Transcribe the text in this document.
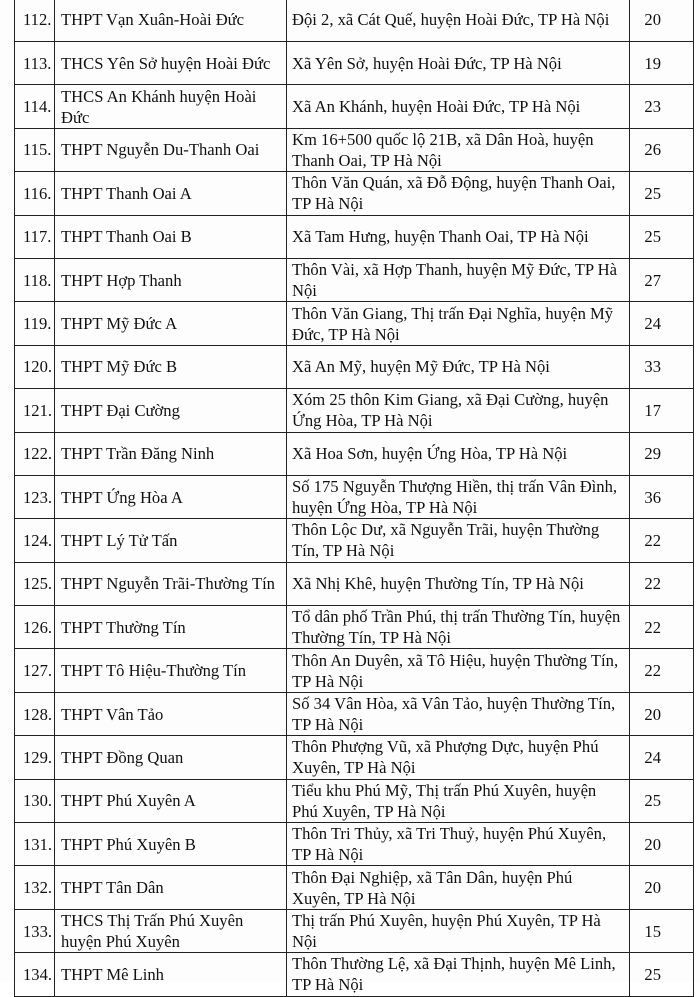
112.	THPT Vạn Xuân-Hoài Đức	Đội 2, xã Cát Quế, huyện Hoài Đức, TP Hà Nội	20
113.	THCS Yên Sở huyện Hoài Đức	Xã Yên Sở, huyện Hoài Đức, TP Hà Nội	19
114.	THCS An Khánh huyện Hoài Đức	Xã An Khánh, huyện Hoài Đức, TP Hà Nội	23
115.	THPT Nguyễn Du-Thanh Oai	Km 16+500 quốc lộ 21B, xã Dân Hoà, huyện Thanh Oai, TP Hà Nội	26
116.	THPT Thanh Oai A	Thôn Văn Quán, xã Đỗ Động, huyện Thanh Oai, TP Hà Nội	25
117.	THPT Thanh Oai B	Xã Tam Hưng, huyện Thanh Oai, TP Hà Nội	25
118.	THPT Hợp Thanh	Thôn Vài, xã Hợp Thanh, huyện Mỹ Đức, TP Hà Nội	27
119.	THPT Mỹ Đức A	Thôn Văn Giang, Thị trấn Đại Nghĩa, huyện Mỹ Đức, TP Hà Nội	24
120.	THPT Mỹ Đức B	Xã An Mỹ, huyện Mỹ Đức, TP Hà Nội	33
121.	THPT Đại Cường	Xóm 25 thôn Kim Giang, xã Đại Cường, huyện Ứng Hòa, TP Hà Nội	17
122.	THPT Trần Đăng Ninh	Xã Hoa Sơn, huyện Ứng Hòa, TP Hà Nội	29
123.	THPT Ứng Hòa A	Số 175 Nguyễn Thượng Hiền, thị trấn Vân Đình, huyện Ứng Hòa, TP Hà Nội	36
124.	THPT Lý Tử Tấn	Thôn Lộc Dư, xã Nguyễn Trãi, huyện Thường Tín, TP Hà Nội	22
125.	THPT Nguyễn Trãi-Thường Tín	Xã Nhị Khê, huyện Thường Tín, TP Hà Nội	22
126.	THPT Thường Tín	Tổ dân phố Trần Phú, thị trấn Thường Tín, huyện Thường Tín, TP Hà Nội	22
127.	THPT Tô Hiệu-Thường Tín	Thôn An Duyên, xã Tô Hiệu, huyện Thường Tín, TP Hà Nội	22
128.	THPT Vân Tảo	Số 34 Vân Hòa, xã Vân Tảo, huyện Thường Tín, TP Hà Nội	20
129.	THPT Đồng Quan	Thôn Phượng Vũ, xã Phượng Dực, huyện Phú Xuyên, TP Hà Nội	24
130.	THPT Phú Xuyên A	Tiểu khu Phú Mỹ, Thị trấn Phú Xuyên, huyện Phú Xuyên, TP Hà Nội	25
131.	THPT Phú Xuyên B	Thôn Tri Thủy, xã Tri Thuỷ, huyện Phú Xuyên, TP Hà Nội	20
132.	THPT Tân Dân	Thôn Đại Nghiệp, xã Tân Dân, huyện Phú Xuyên, TP Hà Nội	20
133.	THCS Thị Trấn Phú Xuyên huyện Phú Xuyên	Thị trấn Phú Xuyên, huyện Phú Xuyên, TP Hà Nội	15
134.	THPT Mê Linh	Thôn Thường Lệ, xã Đại Thịnh, huyện Mê Linh, TP Hà Nội	25
